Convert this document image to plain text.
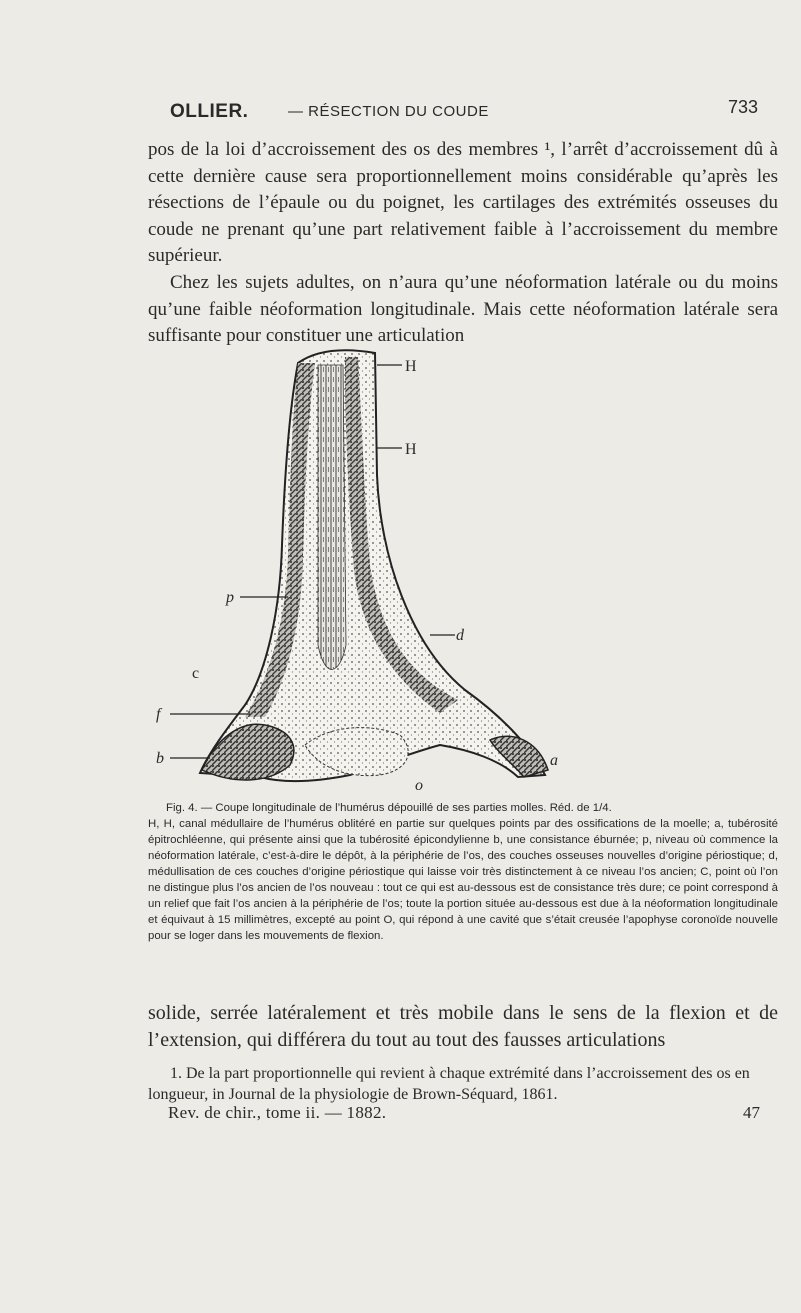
OLLIER.	— RÉSECTION DU COUDE	733

pos de la loi d’accroissement des os des membres ¹, l’arrêt d’accroissement dû à cette dernière cause sera proportionnellement moins considérable qu’après les résections de l’épaule ou du poignet, les cartilages des extrémités osseuses du coude ne prenant qu’une part relativement faible à l’accroissement du membre supérieur.

Chez les sujets adultes, on n’aura qu’une néoformation latérale ou du moins qu’une faible néoformation longitudinale. Mais cette néoformation latérale sera suffisante pour constituer une articulation

H
H
p
d
c
f
b
o
a

Fig. 4. — Coupe longitudinale de l’humérus dépouillé de ses parties molles. Réd. de 1/4.

H, H, canal médullaire de l’humérus oblitéré en partie sur quelques points par des ossifications de la moelle; a, tubérosité épitrochléenne, qui présente ainsi que la tubérosité épicondylienne b, une consistance éburnée; p, niveau où commence la néoformation latérale, c’est-à-dire le dépôt, à la périphérie de l’os, des couches osseuses nouvelles d’origine périostique; d, médullisation de ces couches d’origine périostique qui laisse voir très distinctement à ce niveau l’os ancien; C, point où l’on ne distingue plus l’os ancien de l’os nouveau : tout ce qui est au-dessous est de consistance très dure; ce point correspond à un relief que fait l’os ancien à la périphérie de l’os; toute la portion située au-dessous est due à la néoformation longitudinale et équivaut à 15 millimètres, excepté au point O, qui répond à une cavité que s’était creusée l’apophyse coronoïde nouvelle pour se loger dans les mouvements de flexion.

solide, serrée latéralement et très mobile dans le sens de la flexion et de l’extension, qui différera du tout au tout des fausses articulations

1. De la part proportionnelle qui revient à chaque extrémité dans l’accroissement des os en longueur, in Journal de la physiologie de Brown-Séquard, 1861.

Rev. de chir., tome ii. — 1882.	47
